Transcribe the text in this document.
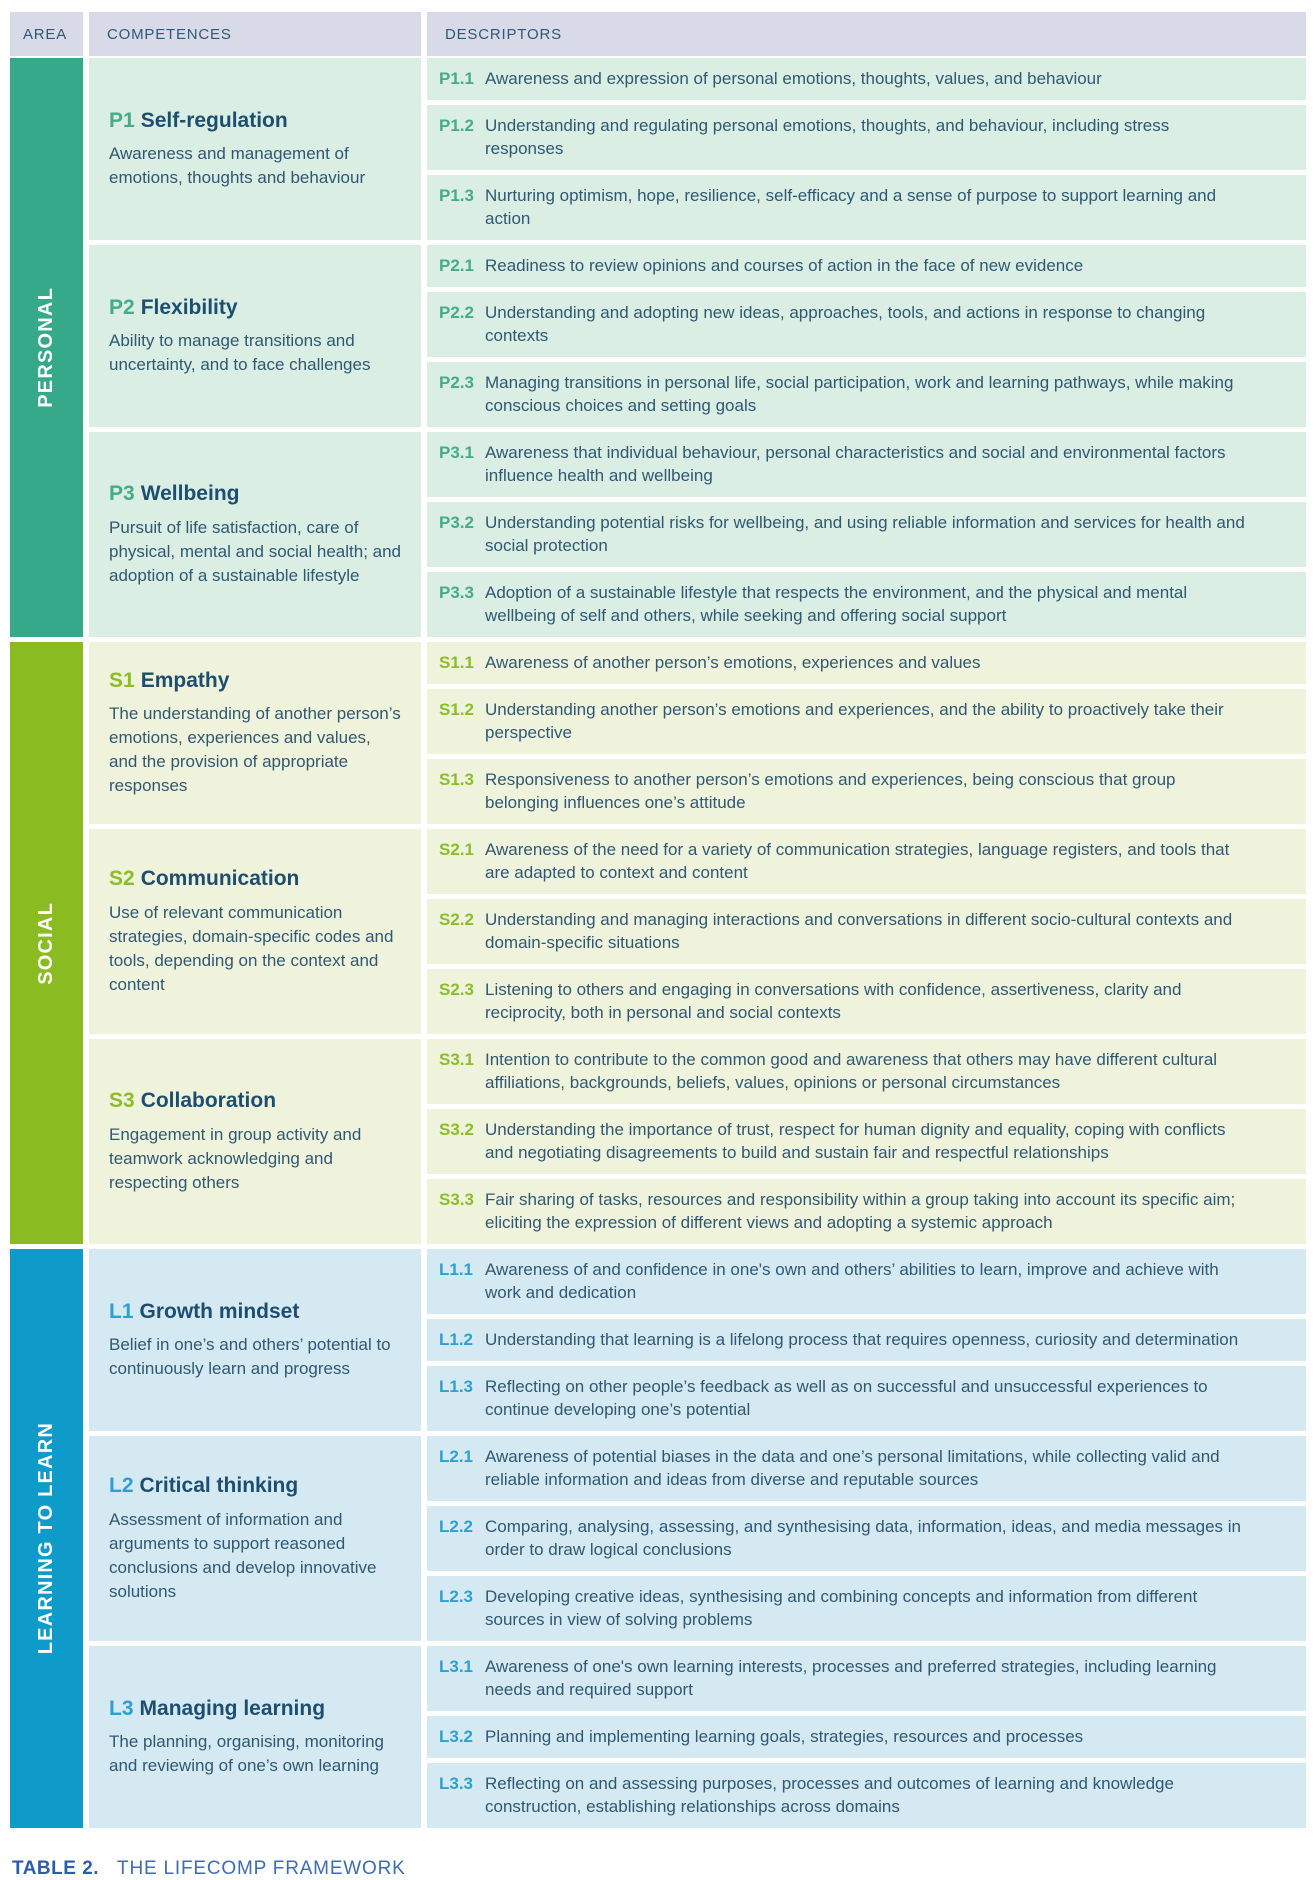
AREA	COMPETENCES	DESCRIPTORS
PERSONAL
P1 Self-regulation
Awareness and management of emotions, thoughts and behaviour
P1.1 Awareness and expression of personal emotions, thoughts, values, and behaviour
P1.2 Understanding and regulating personal emotions, thoughts, and behaviour, including stress responses
P1.3 Nurturing optimism, hope, resilience, self-efficacy and a sense of purpose to support learning and action
P2 Flexibility
Ability to manage transitions and uncertainty, and to face challenges
P2.1 Readiness to review opinions and courses of action in the face of new evidence
P2.2 Understanding and adopting new ideas, approaches, tools, and actions in response to changing contexts
P2.3 Managing transitions in personal life, social participation, work and learning pathways, while making conscious choices and setting goals
P3 Wellbeing
Pursuit of life satisfaction, care of physical, mental and social health; and adoption of a sustainable lifestyle
P3.1 Awareness that individual behaviour, personal characteristics and social and environmental factors influence health and wellbeing
P3.2 Understanding potential risks for wellbeing, and using reliable information and services for health and social protection
P3.3 Adoption of a sustainable lifestyle that respects the environment, and the physical and mental wellbeing of self and others, while seeking and offering social support
SOCIAL
S1 Empathy
The understanding of another person’s emotions, experiences and values, and the provision of appropriate responses
S1.1 Awareness of another person’s emotions, experiences and values
S1.2 Understanding another person’s emotions and experiences, and the ability to proactively take their perspective
S1.3 Responsiveness to another person’s emotions and experiences, being conscious that group belonging influences one’s attitude
S2 Communication
Use of relevant communication strategies, domain-specific codes and tools, depending on the context and content
S2.1 Awareness of the need for a variety of communication strategies, language registers, and tools that are adapted to context and content
S2.2 Understanding and managing interactions and conversations in different socio-cultural contexts and domain-specific situations
S2.3 Listening to others and engaging in conversations with confidence, assertiveness, clarity and reciprocity, both in personal and social contexts
S3 Collaboration
Engagement in group activity and teamwork acknowledging and respecting others
S3.1 Intention to contribute to the common good and awareness that others may have different cultural affiliations, backgrounds, beliefs, values, opinions or personal circumstances
S3.2 Understanding the importance of trust, respect for human dignity and equality, coping with conflicts and negotiating disagreements to build and sustain fair and respectful relationships
S3.3 Fair sharing of tasks, resources and responsibility within a group taking into account its specific aim; eliciting the expression of different views and adopting a systemic approach
LEARNING TO LEARN
L1 Growth mindset
Belief in one’s and others’ potential to continuously learn and progress
L1.1 Awareness of and confidence in one's own and others’ abilities to learn, improve and achieve with work and dedication
L1.2 Understanding that learning is a lifelong process that requires openness, curiosity and determination
L1.3 Reflecting on other people’s feedback as well as on successful and unsuccessful experiences to continue developing one’s potential
L2 Critical thinking
Assessment of information and arguments to support reasoned conclusions and develop innovative solutions
L2.1 Awareness of potential biases in the data and one’s personal limitations, while collecting valid and reliable information and ideas from diverse and reputable sources
L2.2 Comparing, analysing, assessing, and synthesising data, information, ideas, and media messages in order to draw logical conclusions
L2.3 Developing creative ideas, synthesising and combining concepts and information from different sources in view of solving problems
L3 Managing learning
The planning, organising, monitoring and reviewing of one’s own learning
L3.1 Awareness of one's own learning interests, processes and preferred strategies, including learning needs and required support
L3.2 Planning and implementing learning goals, strategies, resources and processes
L3.3 Reflecting on and assessing purposes, processes and outcomes of learning and knowledge construction, establishing relationships across domains
TABLE 2. THE LIFECOMP FRAMEWORK
